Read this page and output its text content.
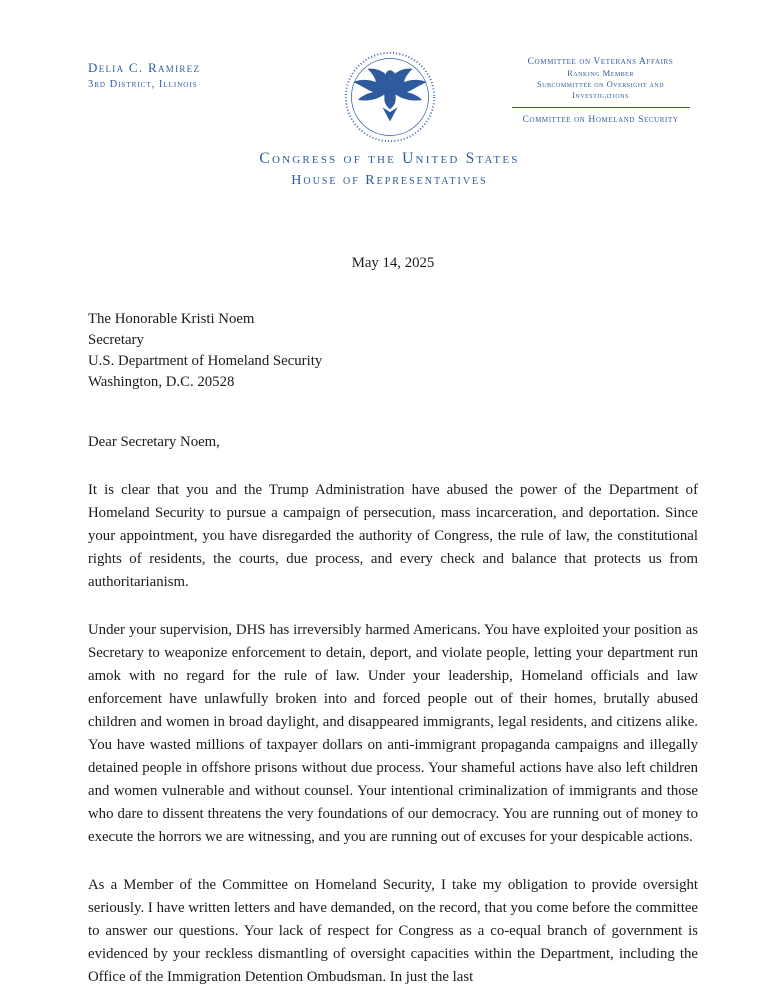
Delia C. Ramirez
3rd District, Illinois
Committee on Veterans Affairs
Ranking Member
Subcommittee on Oversight and
Investigations
Committee on Homeland Security
Congress of the United States
House of Representatives
May 14, 2025
The Honorable Kristi Noem
Secretary
U.S. Department of Homeland Security
Washington, D.C. 20528
Dear Secretary Noem,

It is clear that you and the Trump Administration have abused the power of the Department of Homeland Security to pursue a campaign of persecution, mass incarceration, and deportation. Since your appointment, you have disregarded the authority of Congress, the rule of law, the constitutional rights of residents, the courts, due process, and every check and balance that protects us from authoritarianism.

Under your supervision, DHS has irreversibly harmed Americans. You have exploited your position as Secretary to weaponize enforcement to detain, deport, and violate people, letting your department run amok with no regard for the rule of law. Under your leadership, Homeland officials and law enforcement have unlawfully broken into and forced people out of their homes, brutally abused children and women in broad daylight, and disappeared immigrants, legal residents, and citizens alike. You have wasted millions of taxpayer dollars on anti-immigrant propaganda campaigns and illegally detained people in offshore prisons without due process. Your shameful actions have also left children and women vulnerable and without counsel. Your intentional criminalization of immigrants and those who dare to dissent threatens the very foundations of our democracy. You are running out of money to execute the horrors we are witnessing, and you are running out of excuses for your despicable actions.

As a Member of the Committee on Homeland Security, I take my obligation to provide oversight seriously. I have written letters and have demanded, on the record, that you come before the committee to answer our questions. Your lack of respect for Congress as a co-equal branch of government is evidenced by your reckless dismantling of oversight capacities within the Department, including the Office of the Immigration Detention Ombudsman. In just the last
